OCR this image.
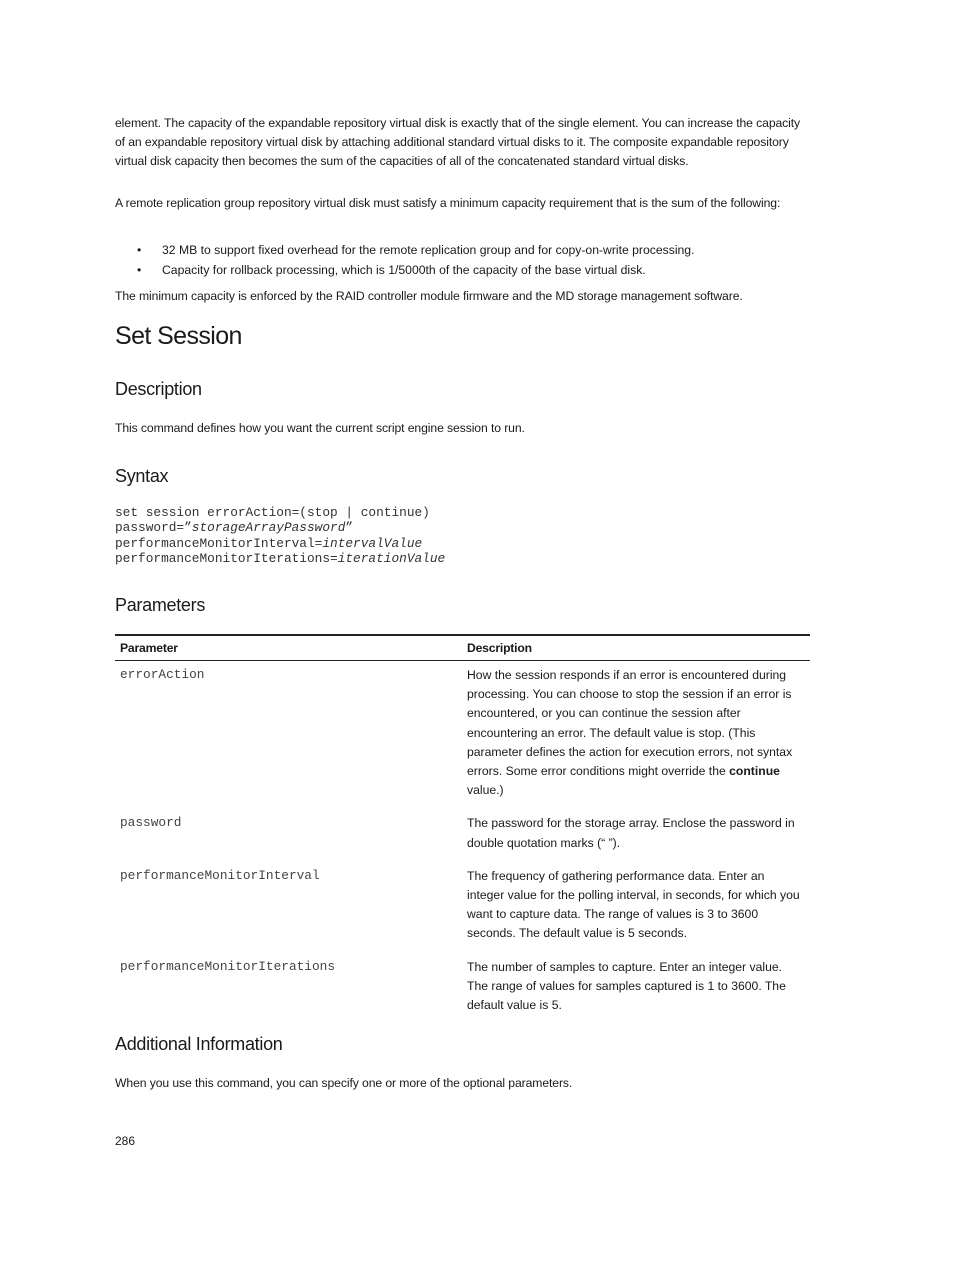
element. The capacity of the expandable repository virtual disk is exactly that of the single element. You can increase the capacity of an expandable repository virtual disk by attaching additional standard virtual disks to it. The composite expandable repository virtual disk capacity then becomes the sum of the capacities of all of the concatenated standard virtual disks.

A remote replication group repository virtual disk must satisfy a minimum capacity requirement that is the sum of the following:

• 32 MB to support fixed overhead for the remote replication group and for copy-on-write processing.
• Capacity for rollback processing, which is 1/5000th of the capacity of the base virtual disk.

The minimum capacity is enforced by the RAID controller module firmware and the MD storage management software.

Set Session
Description

This command defines how you want the current script engine session to run.

Syntax
set session errorAction=(stop | continue)
password=”storageArrayPassword”
performanceMonitorInterval=intervalValue
performanceMonitorIterations=iterationValue
Parameters
Parameter	Description
errorAction	How the session responds if an error is encountered during processing. You can choose to stop the session if an error is encountered, or you can continue the session after encountering an error. The default value is stop. (This parameter defines the action for execution errors, not syntax errors. Some error conditions might override the continue value.)
password	The password for the storage array. Enclose the password in double quotation marks (“ ”).
performanceMonitorInterval	The frequency of gathering performance data. Enter an integer value for the polling interval, in seconds, for which you want to capture data. The range of values is 3 to 3600 seconds. The default value is 5 seconds.
performanceMonitorIterations	The number of samples to capture. Enter an integer value. The range of values for samples captured is 1 to 3600. The default value is 5.
Additional Information

When you use this command, you can specify one or more of the optional parameters.

286
